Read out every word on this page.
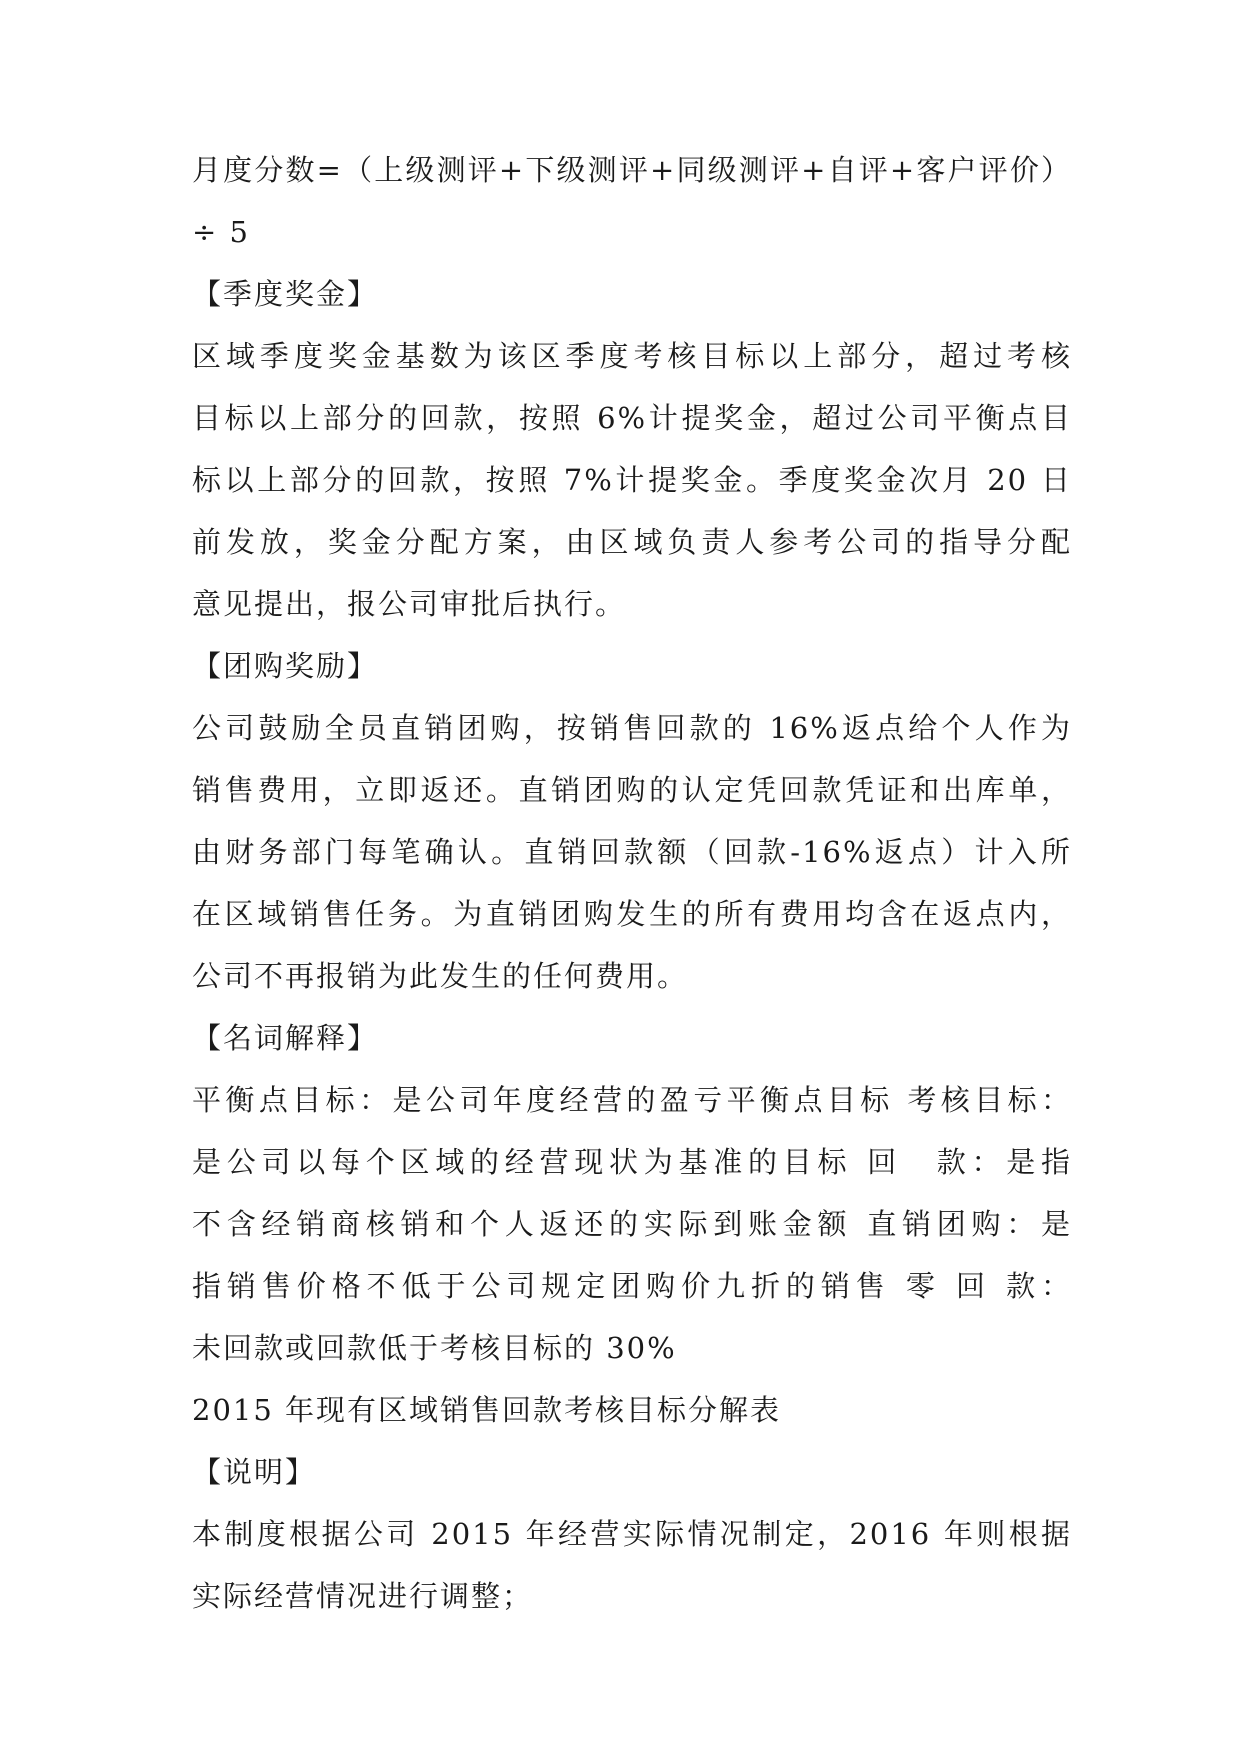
月度分数=（上级测评+下级测评+同级测评+自评+客户评价）
÷ 5
【季度奖金】
区域季度奖金基数为该区季度考核目标以上部分，超过考核
目标以上部分的回款，按照 6%计提奖金，超过公司平衡点目
标以上部分的回款，按照 7%计提奖金。季度奖金次月 20 日
前发放，奖金分配方案，由区域负责人参考公司的指导分配
意见提出，报公司审批后执行。
【团购奖励】
公司鼓励全员直销团购，按销售回款的 16%返点给个人作为
销售费用，立即返还。直销团购的认定凭回款凭证和出库单，
由财务部门每笔确认。直销回款额（回款-16%返点）计入所
在区域销售任务。为直销团购发生的所有费用均含在返点内，
公司不再报销为此发生的任何费用。
【名词解释】
平衡点目标：是公司年度经营的盈亏平衡点目标 考核目标：
是公司以每个区域的经营现状为基准的目标 回　款：是指
不含经销商核销和个人返还的实际到账金额 直销团购：是
指销售价格不低于公司规定团购价九折的销售 零 回 款：
未回款或回款低于考核目标的 30%
2015 年现有区域销售回款考核目标分解表
【说明】
本制度根据公司 2015 年经营实际情况制定，2016 年则根据
实际经营情况进行调整；
